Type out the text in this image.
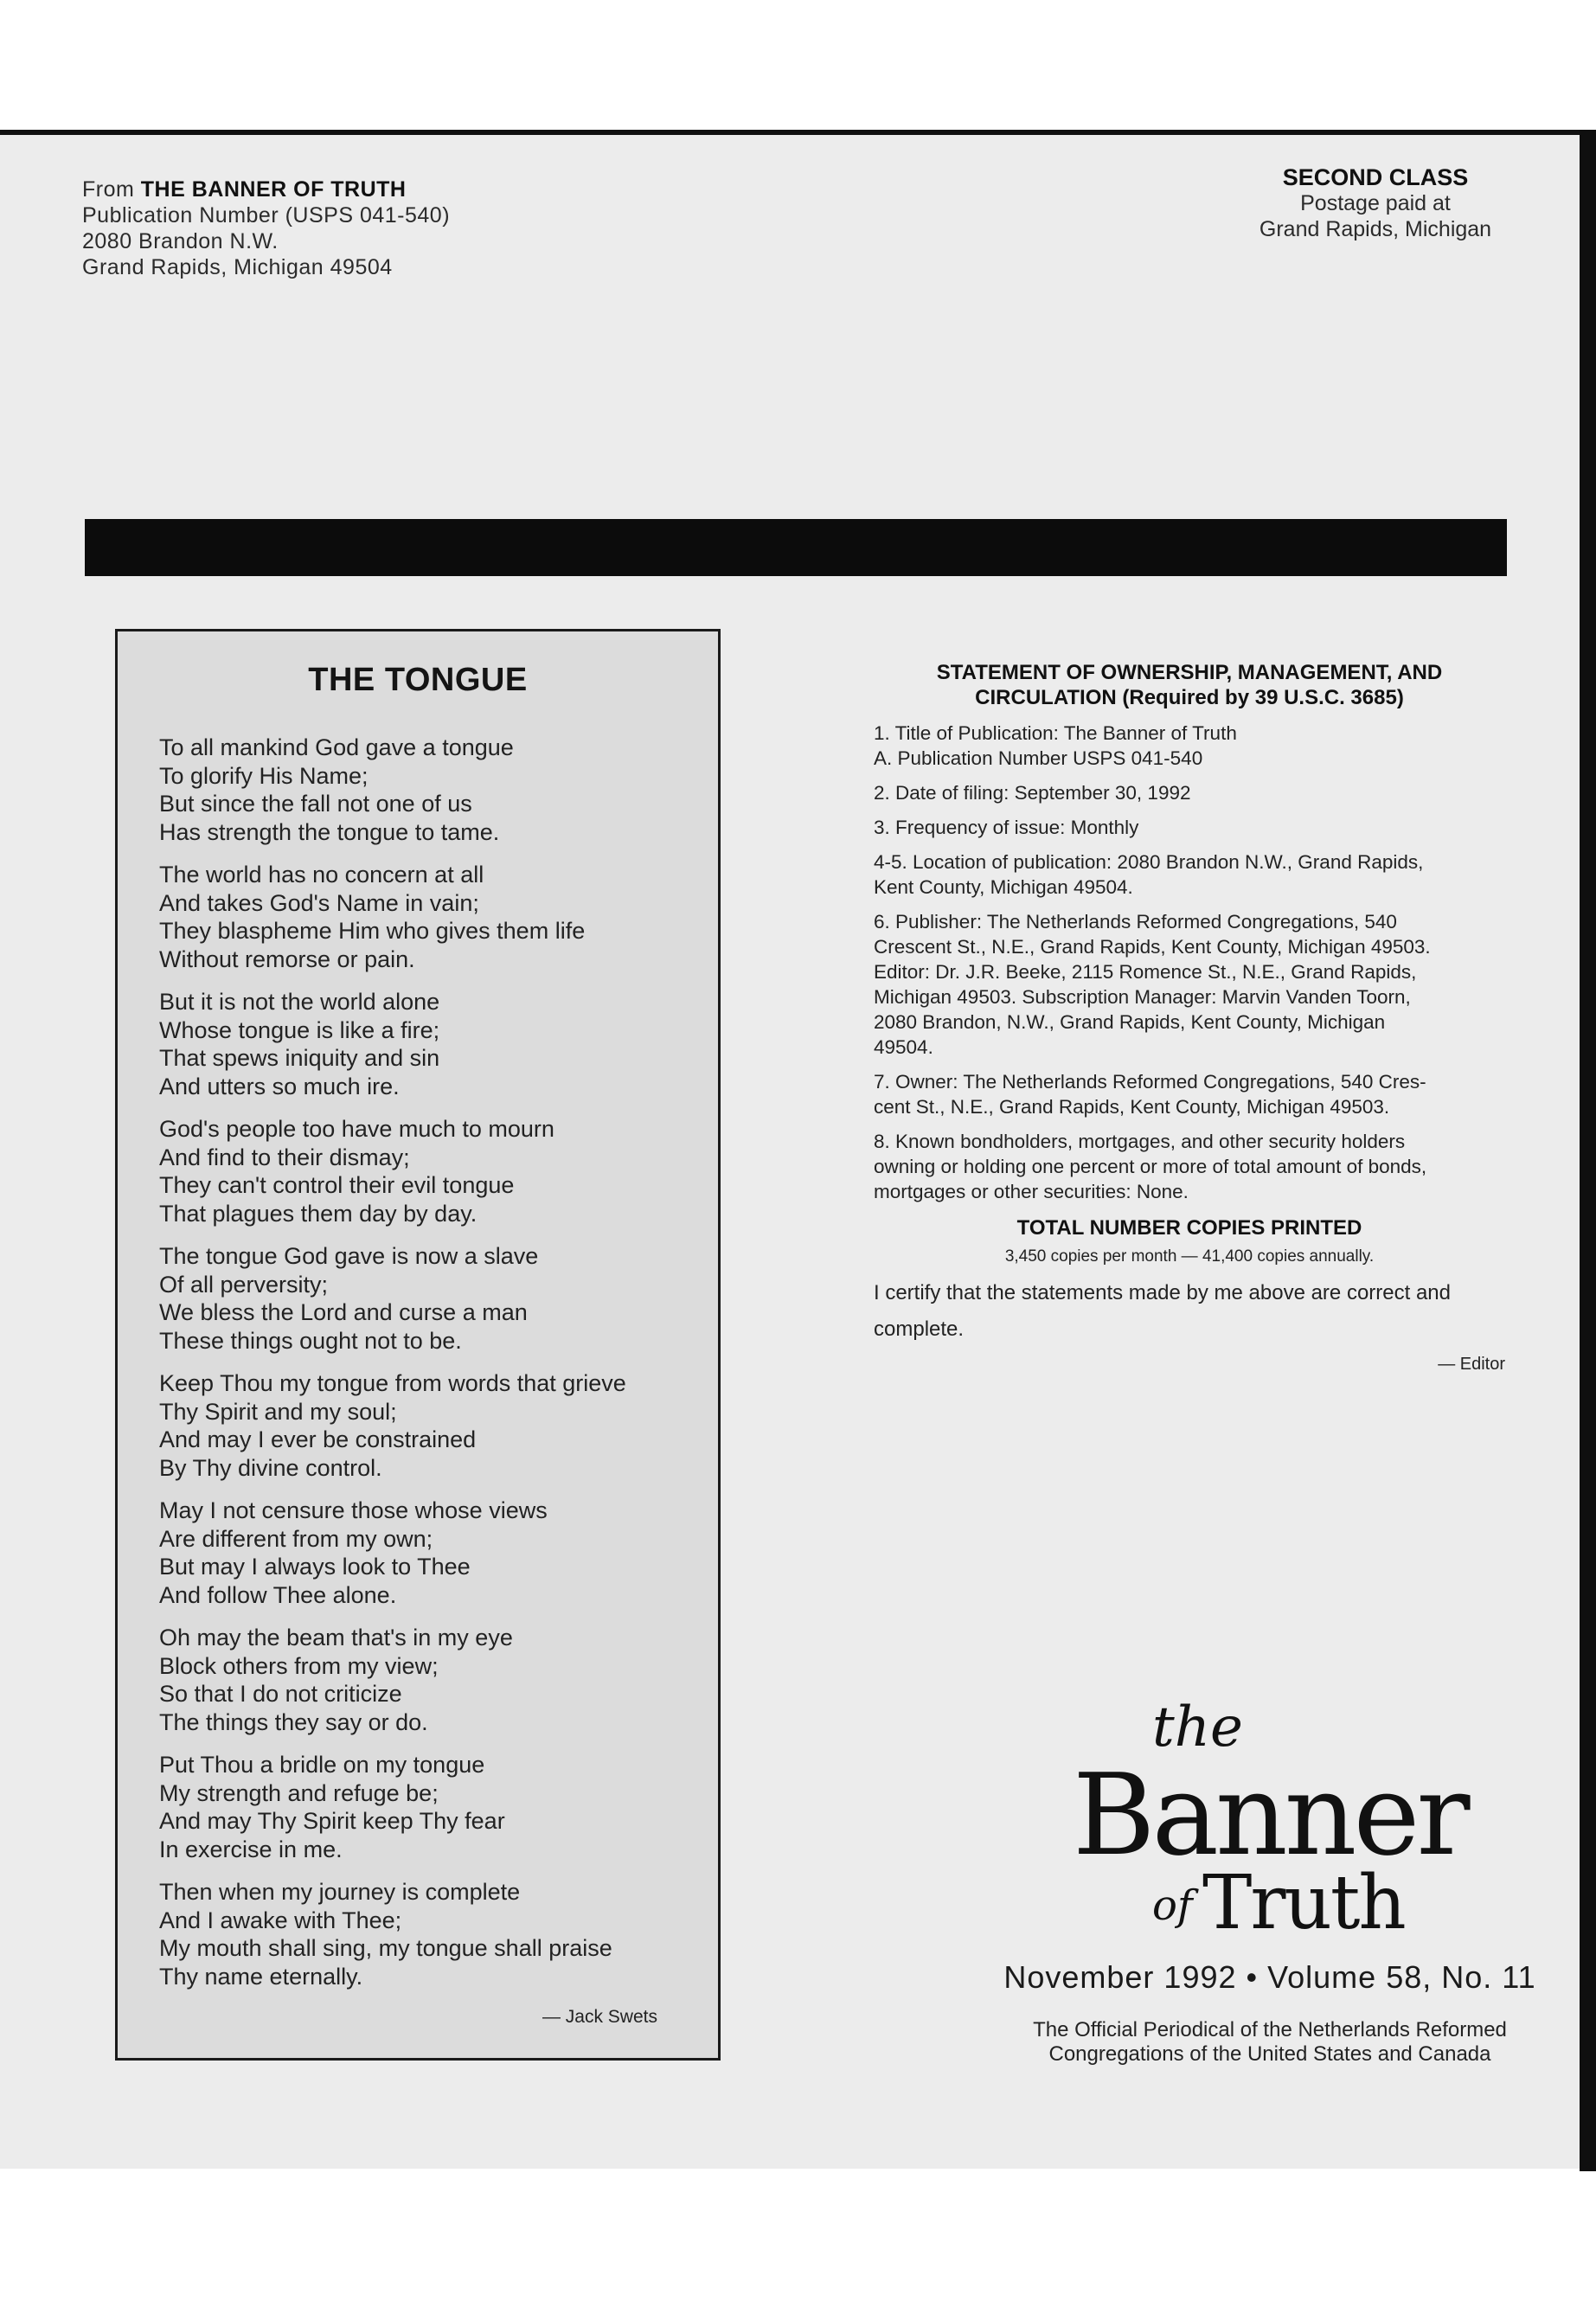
From THE BANNER OF TRUTH
Publication Number (USPS 041-540)
2080 Brandon N.W.
Grand Rapids, Michigan 49504
SECOND CLASS
Postage paid at
Grand Rapids, Michigan
THE TONGUE
To all mankind God gave a tongue
To glorify His Name;
But since the fall not one of us
Has strength the tongue to tame.
The world has no concern at all
And takes God's Name in vain;
They blaspheme Him who gives them life
Without remorse or pain.
But it is not the world alone
Whose tongue is like a fire;
That spews iniquity and sin
And utters so much ire.
God's people too have much to mourn
And find to their dismay;
They can't control their evil tongue
That plagues them day by day.
The tongue God gave is now a slave
Of all perversity;
We bless the Lord and curse a man
These things ought not to be.
Keep Thou my tongue from words that grieve
Thy Spirit and my soul;
And may I ever be constrained
By Thy divine control.
May I not censure those whose views
Are different from my own;
But may I always look to Thee
And follow Thee alone.
Oh may the beam that's in my eye
Block others from my view;
So that I do not criticize
The things they say or do.
Put Thou a bridle on my tongue
My strength and refuge be;
And may Thy Spirit keep Thy fear
In exercise in me.
Then when my journey is complete
And I awake with Thee;
My mouth shall sing, my tongue shall praise
Thy name eternally.
— Jack Swets
STATEMENT OF OWNERSHIP, MANAGEMENT, AND
CIRCULATION (Required by 39 U.S.C. 3685)
1. Title of Publication: The Banner of Truth
A. Publication Number USPS 041-540
2. Date of filing: September 30, 1992
3. Frequency of issue: Monthly
4-5. Location of publication: 2080 Brandon N.W., Grand Rapids,
Kent County, Michigan 49504.
6. Publisher: The Netherlands Reformed Congregations, 540
Crescent St., N.E., Grand Rapids, Kent County, Michigan 49503.
Editor: Dr. J.R. Beeke, 2115 Romence St., N.E., Grand Rapids,
Michigan 49503. Subscription Manager: Marvin Vanden Toorn,
2080 Brandon, N.W., Grand Rapids, Kent County, Michigan
49504.
7. Owner: The Netherlands Reformed Congregations, 540 Cres-
cent St., N.E., Grand Rapids, Kent County, Michigan 49503.
8. Known bondholders, mortgages, and other security holders
owning or holding one percent or more of total amount of bonds,
mortgages or other securities: None.
TOTAL NUMBER COPIES PRINTED
3,450 copies per month — 41,400 copies annually.
I certify that the statements made by me above are correct and complete.
— Editor
the
Banner
of Truth
November 1992 • Volume 58, No. 11
The Official Periodical of the Netherlands Reformed
Congregations of the United States and Canada
